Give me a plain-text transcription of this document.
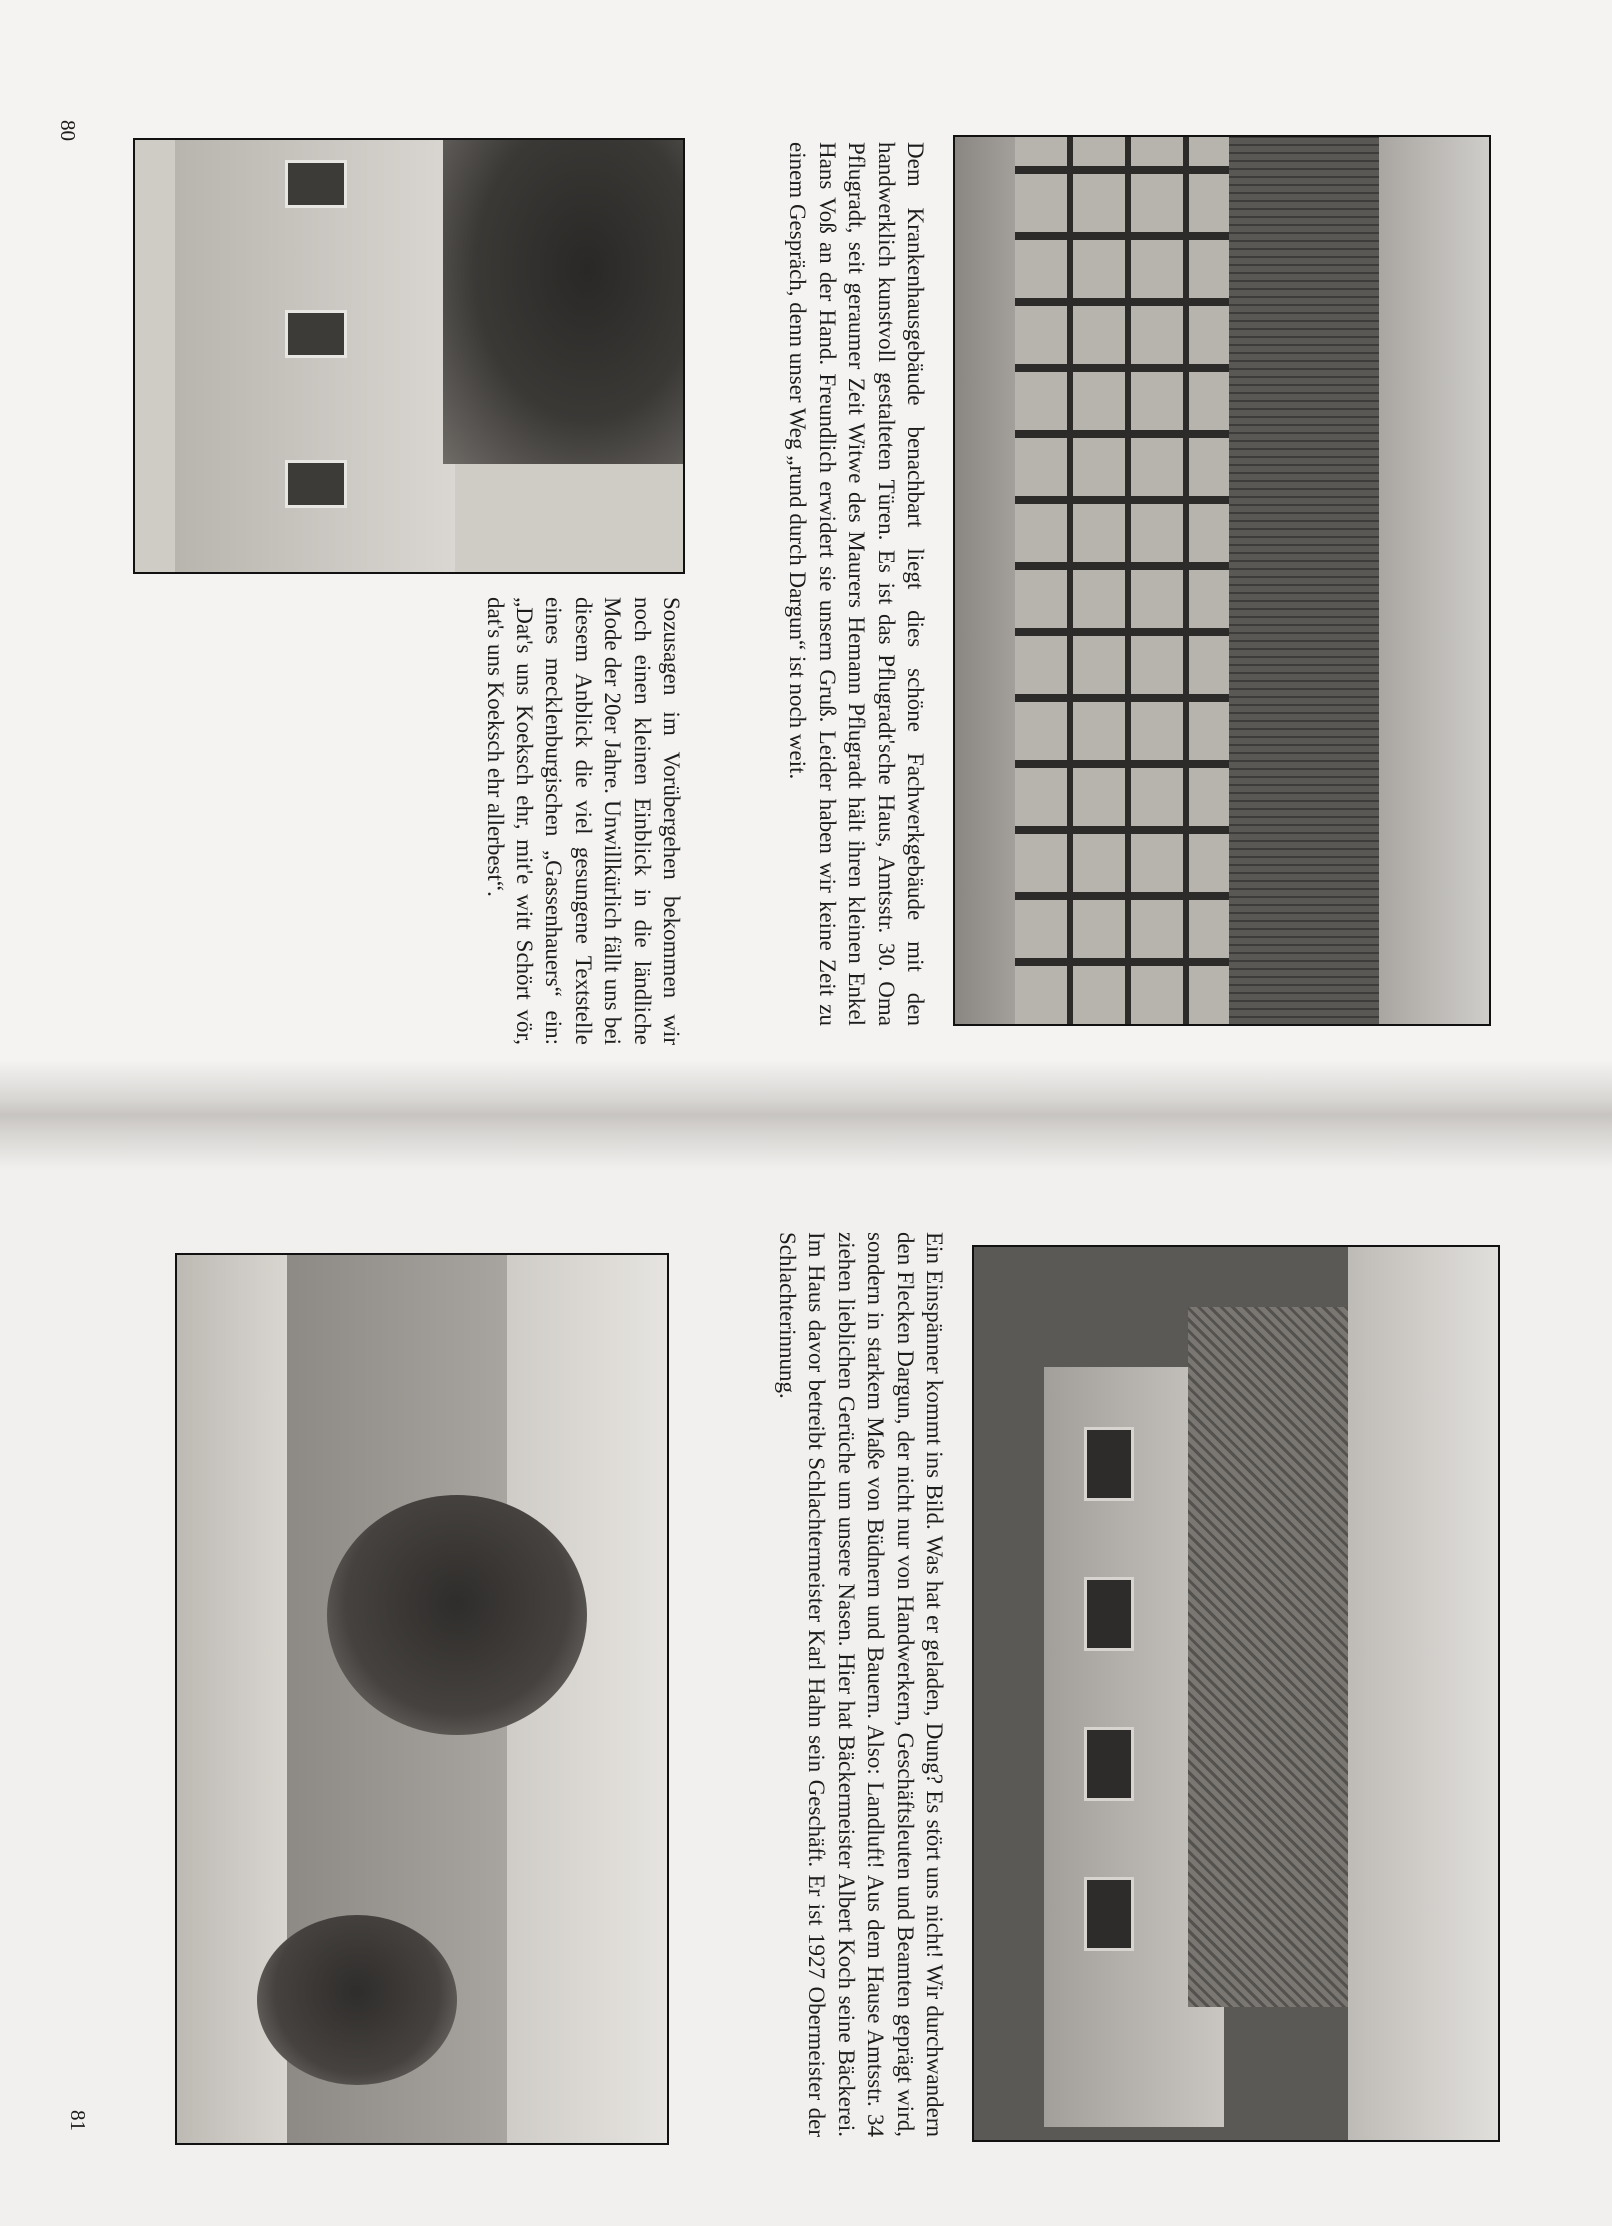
80
Dem Krankenhausgebäude benachbart liegt dies schöne Fachwerkgebäude mit den handwerklich kunstvoll gestalteten Türen. Es ist das Pflugradt'sche Haus, Amtsstr. 30. Oma Pflugradt, seit geraumer Zeit Witwe des Maurers Hemann Pflugradt hält ihren kleinen Enkel Hans Voß an der Hand. Freundlich erwidert sie unsern Gruß. Leider haben wir keine Zeit zu einem Gespräch, denn unser Weg „rund durch Dargun“ ist noch weit.
Sozusagen im Vorübergehen bekommen wir noch einen kleinen Einblick in die ländliche Mode der 20er Jahre. Unwillkürlich fällt uns bei diesem Anblick die viel gesungene Textstelle eines mecklenburgischen „Gassenhauers“ ein: „Dat's uns Koeksch ehr, mit'e witt Schört vör, dat's uns Koeksch ehr allerbest“.
81	Ein Einspänner kommt ins Bild. Was hat er geladen, Dung? Es stört uns nicht! Wir durchwandern den Flecken Dargun, der nicht nur von Handwerkern, Geschäftsleuten und Beamten geprägt wird, sondern in starkem Maße von Büdnern und Bauern. Also: Landluft! Aus dem Hause Amtsstr. 34 ziehen lieblichen Gerüche um unsere Nasen. Hier hat Bäckermeister Albert Koch seine Bäckerei. Im Haus davor betreibt Schlachtermeister Karl Hahn sein Geschäft. Er ist 1927 Obermeister der Schlachterinnung.
